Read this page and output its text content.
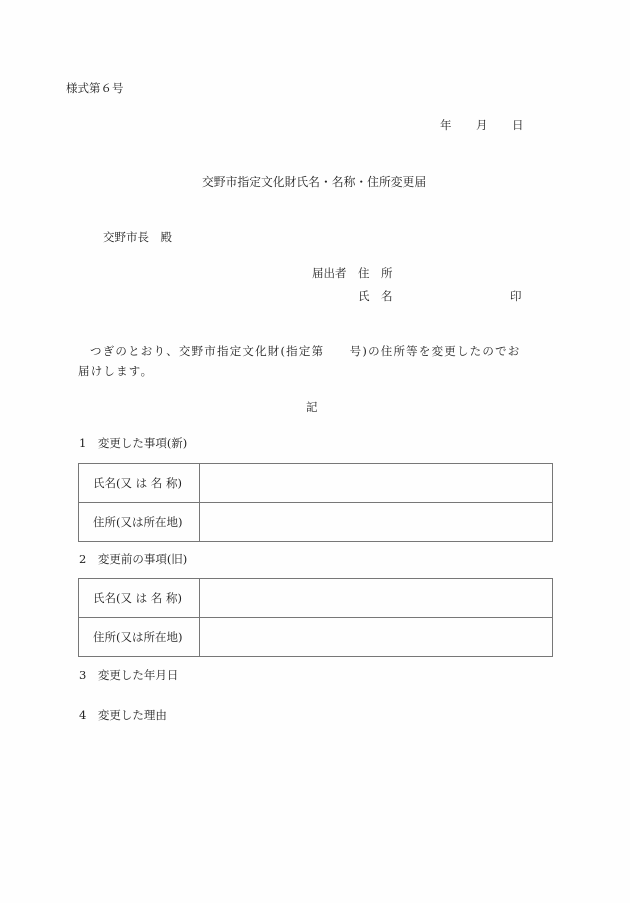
様式第６号
年 月 日
交野市指定文化財氏名・名称・住所変更届
交野市長　殿
届出者 住　所
氏　名	印
つぎのとおり、交野市指定文化財(指定第　　号)の住所等を変更したのでお
届けします。
記
1　変更した事項(新)
氏名(又 は 名 称)	
住所(又は所在地)	
2　変更前の事項(旧)
氏名(又 は 名 称)	
住所(又は所在地)	
3　変更した年月日
4　変更した理由
